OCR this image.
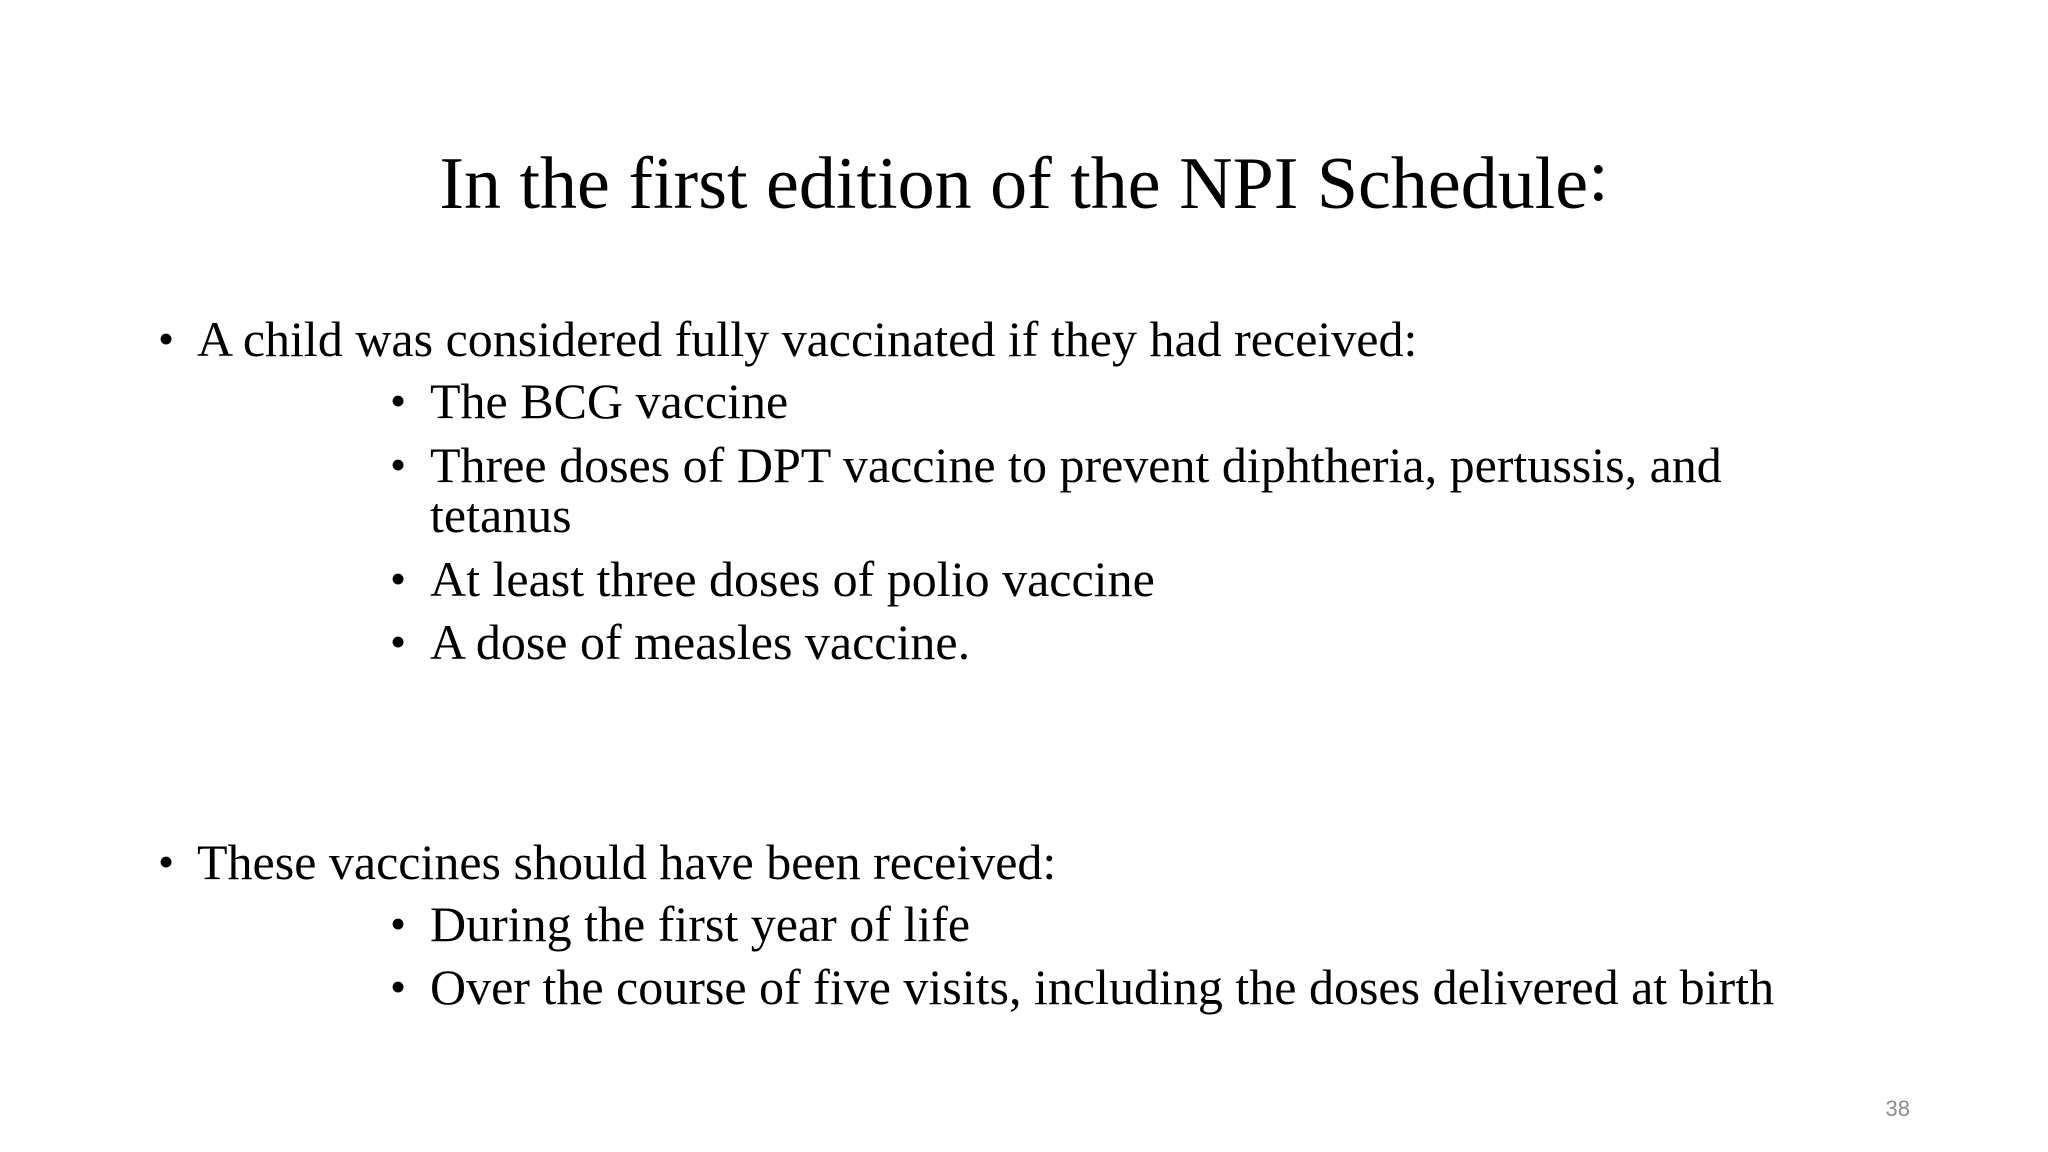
In the first edition of the NPI Schedule:
• A child was considered fully vaccinated if they had received:
• The BCG vaccine
• Three doses of DPT vaccine to prevent diphtheria, pertussis, and
tetanus
• At least three doses of polio vaccine
• A dose of measles vaccine.
• These vaccines should have been received:
• During the first year of life
• Over the course of five visits, including the doses delivered at birth
38
